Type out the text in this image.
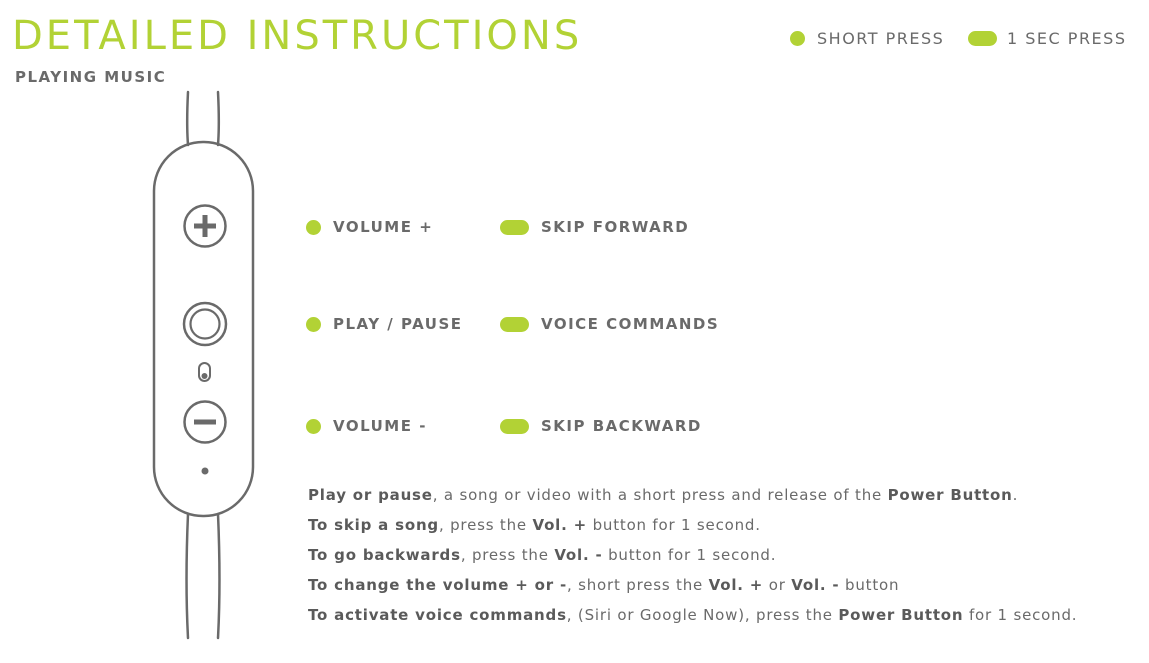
DETAILED INSTRUCTIONS
PLAYING MUSIC
SHORT PRESS	1 SEC PRESS
VOLUME +	SKIP FORWARD
PLAY / PAUSE	VOICE COMMANDS
VOLUME -	SKIP BACKWARD
Play or pause, a song or video with a short press and release of the Power Button.
To skip a song, press the Vol. + button for 1 second.
To go backwards, press the Vol. - button for 1 second.
To change the volume + or -, short press the Vol. + or Vol. - button
To activate voice commands, (Siri or Google Now), press the Power Button for 1 second.
